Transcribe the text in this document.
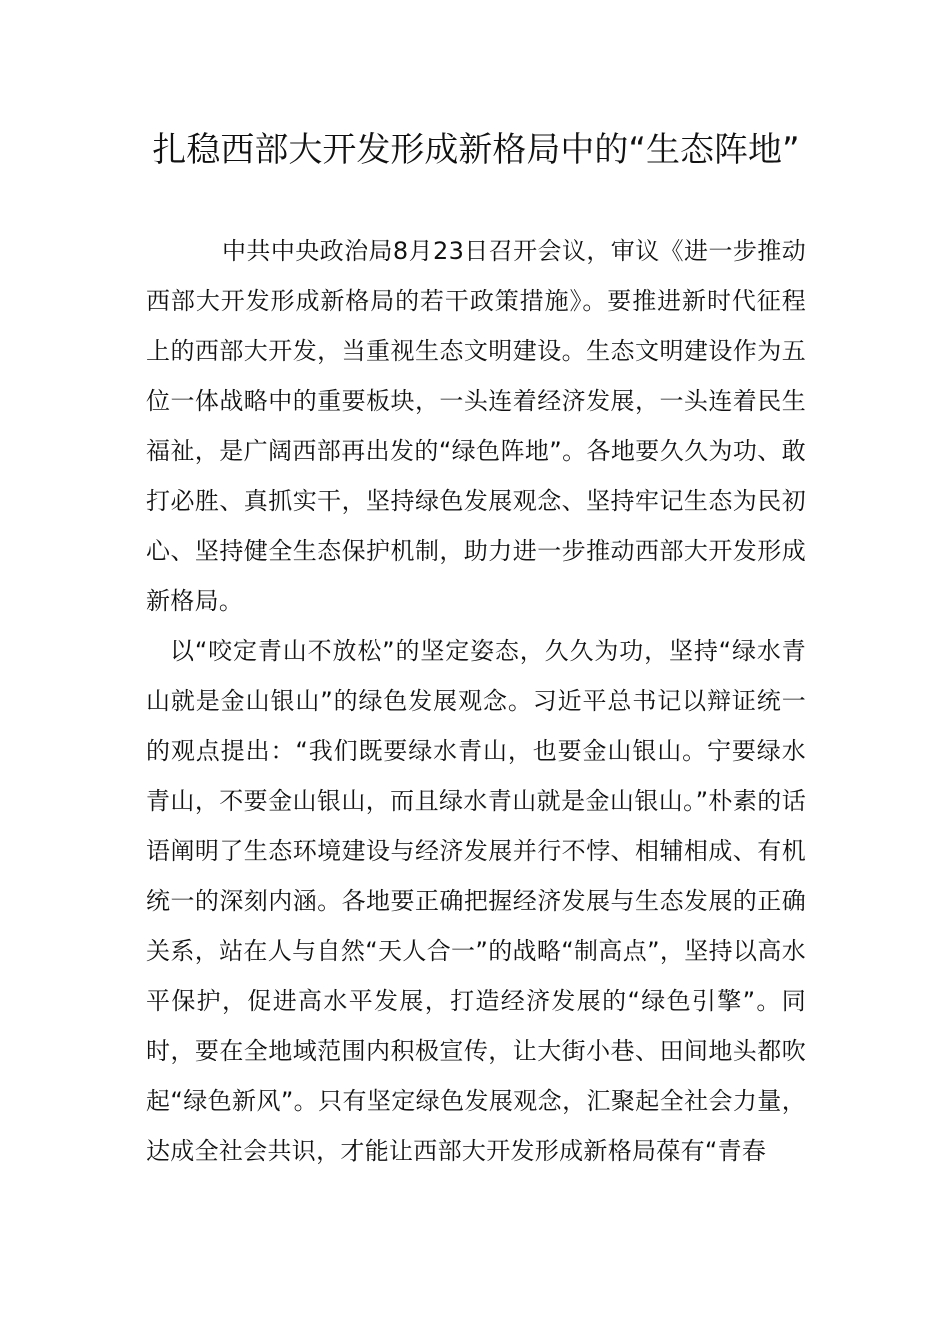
扎稳西部大开发形成新格局中的“生态阵地”

中共中央政治局8月23日召开会议，审议《进一步推动西部大开发形成新格局的若干政策措施》。要推进新时代征程上的西部大开发，当重视生态文明建设。生态文明建设作为五位一体战略中的重要板块，一头连着经济发展，一头连着民生福祉，是广阔西部再出发的“绿色阵地”。各地要久久为功、敢打必胜、真抓实干，坚持绿色发展观念、坚持牢记生态为民初心、坚持健全生态保护机制，助力进一步推动西部大开发形成新格局。

以“咬定青山不放松”的坚定姿态，久久为功，坚持“绿水青山就是金山银山”的绿色发展观念。习近平总书记以辩证统一的观点提出：“我们既要绿水青山，也要金山银山。宁要绿水青山，不要金山银山，而且绿水青山就是金山银山。”朴素的话语阐明了生态环境建设与经济发展并行不悖、相辅相成、有机统一的深刻内涵。各地要正确把握经济发展与生态发展的正确关系，站在人与自然“天人合一”的战略“制高点”，坚持以高水平保护，促进高水平发展，打造经济发展的“绿色引擎”。同时，要在全地域范围内积极宣传，让大街小巷、田间地头都吹起“绿色新风”。只有坚定绿色发展观念，汇聚起全社会力量，达成全社会共识，才能让西部大开发形成新格局葆有“青春
